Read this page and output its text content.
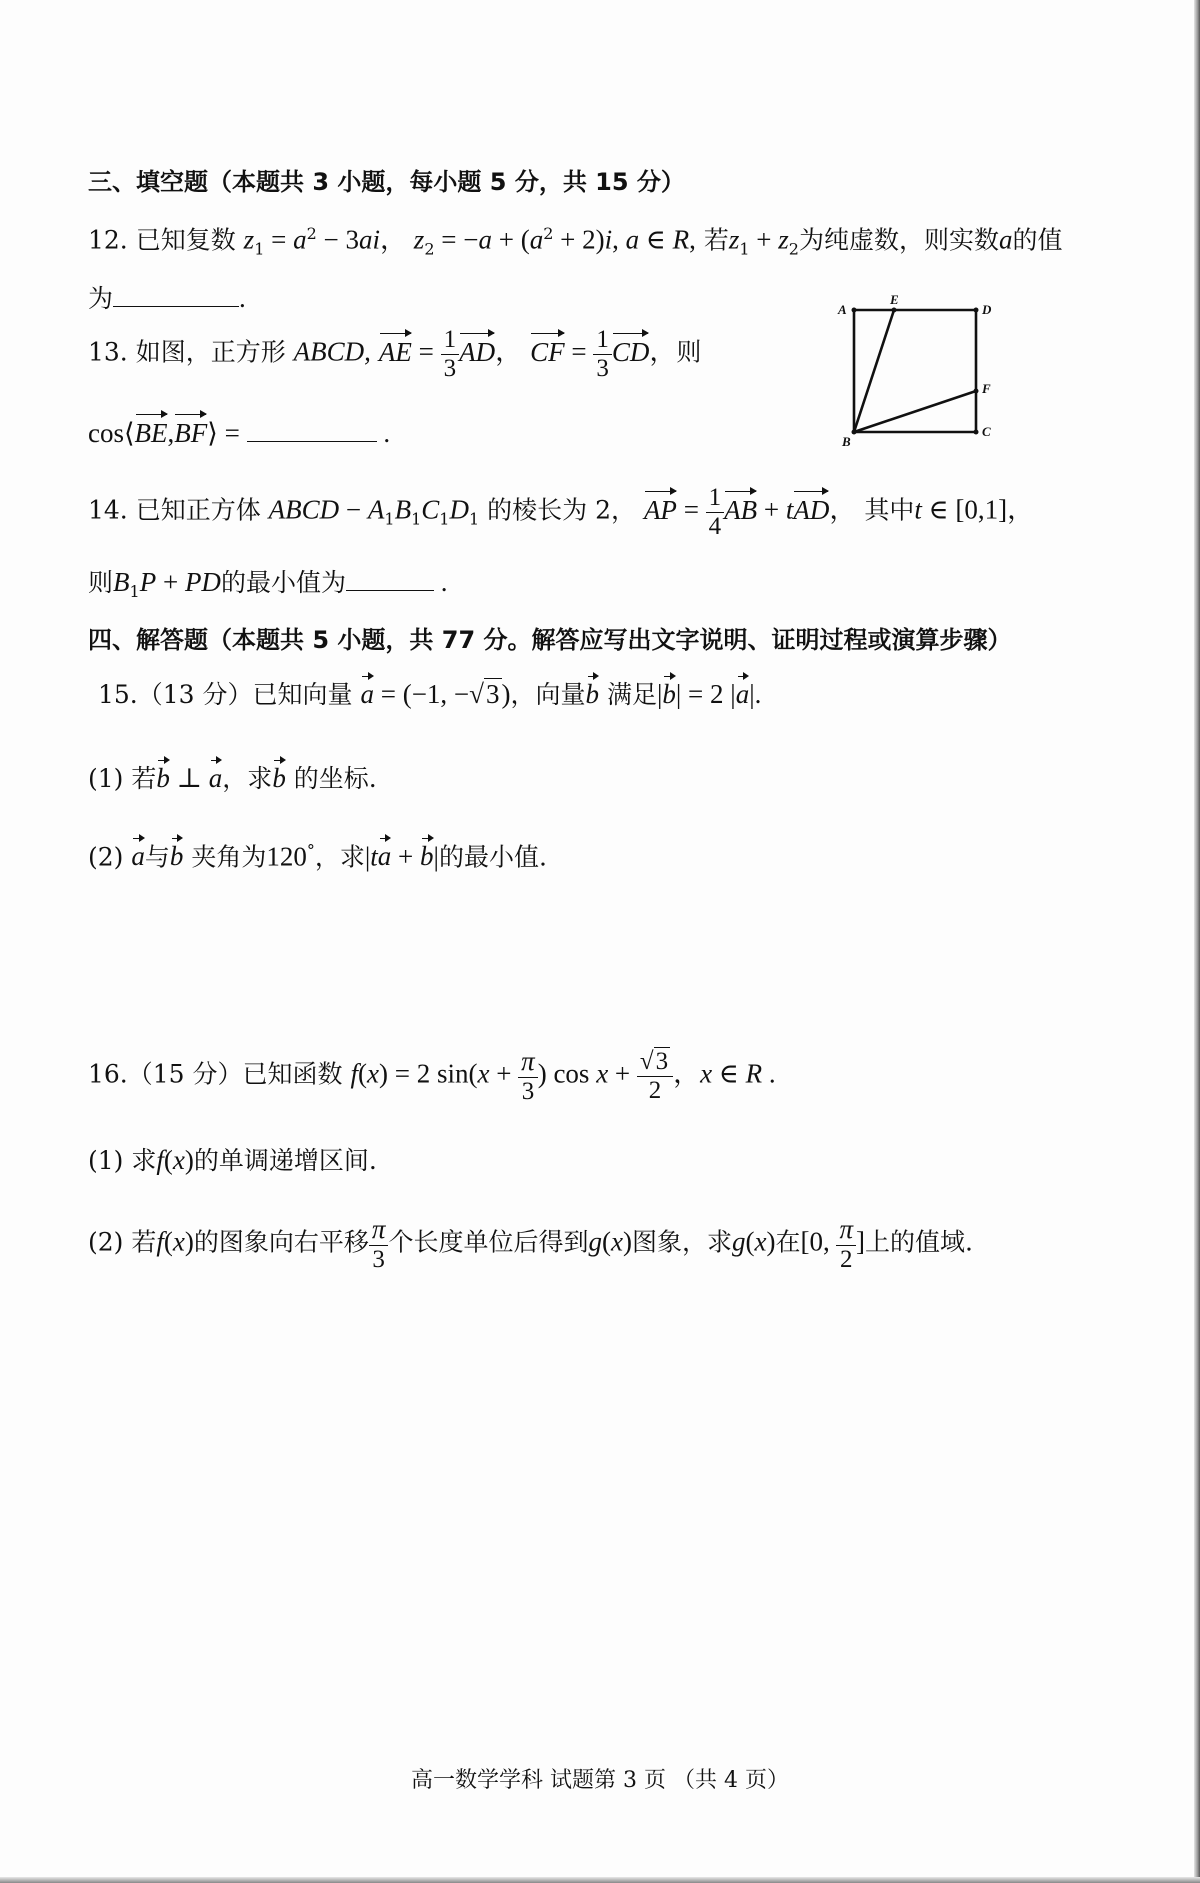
三、填空题（本题共 3 小题，每小题 5 分，共 15 分）
12. 已知复数 $z_1 = a^2 - 3ai$， $z_2 = -a + (a^2 + 2)i$, a ∈ R, 若$z_1 + z_2$为纯虚数，则实数a的值
为	.
13. 如图，正方形 ABCD, AE = $\frac{1}{3}$ AD， CF = $\frac{1}{3}$ CD，则
cos⟨BE,BF⟩ =	.
A
E
D
F
C
B
14. 已知正方体 ABCD − $A_1B_1C_1D_1$ 的棱长为 2， AP = $\frac{1}{4}$ AB + tAD， 其中t ∈ [0,1]，
则$B_1P$ + PD的最小值为	.
四、解答题（本题共 5 小题，共 77 分。解答应写出文字说明、证明过程或演算步骤）
15.（13 分）已知向量 a = (−1, −√3)，向量b 满足|b| = 2 |a|.
(1) 若b ⊥ a，求b 的坐标.
(2) a与b 夹角为120°，求|ta + b|的最小值.
16.（15 分）已知函数 f(x) = 2 $\sin(x + \frac{\pi}{3}$ ) $\cos x + \frac{√3}{2}$ ，x ∈ R .
(1) 求f(x)的单调递增区间.
(2) 若f(x)的图象向右平移 $\frac{\pi}{3}$ 个长度单位后得到g(x)图象，求g(x)在[0, $\frac{\pi}{2}$ ]上的值域.
高一数学学科 试题第 3 页 （共 4 页）
